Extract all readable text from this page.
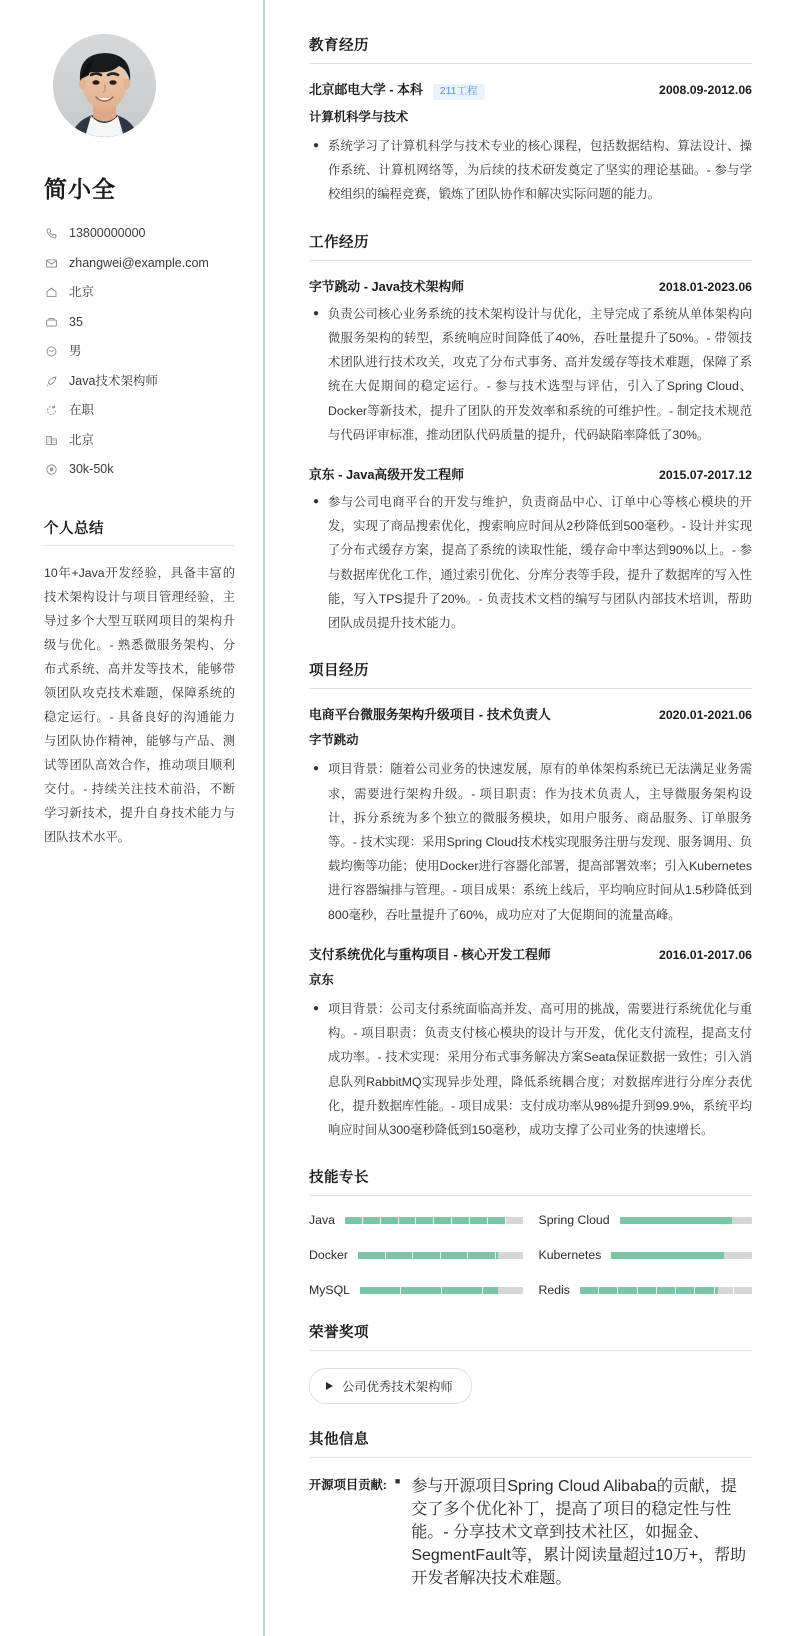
简小全
13800000000
zhangwei@example.com
北京
35
男
Java技术架构师
在职
北京
30k-50k
个人总结
10年+Java开发经验，具备丰富的技术架构设计与项目管理经验，主导过多个大型互联网项目的架构升级与优化。- 熟悉微服务架构、分布式系统、高并发等技术，能够带领团队攻克技术难题，保障系统的稳定运行。- 具备良好的沟通能力与团队协作精神，能够与产品、测试等团队高效合作，推动项目顺利交付。- 持续关注技术前沿，不断学习新技术，提升自身技术能力与团队技术水平。
教育经历
北京邮电大学 - 本科	211工程	2008.09-2012.06
计算机科学与技术
● 系统学习了计算机科学与技术专业的核心课程，包括数据结构、算法设计、操作系统、计算机网络等，为后续的技术研发奠定了坚实的理论基础。- 参与学校组织的编程竞赛，锻炼了团队协作和解决实际问题的能力。
工作经历
字节跳动 - Java技术架构师	2018.01-2023.06
● 负责公司核心业务系统的技术架构设计与优化，主导完成了系统从单体架构向微服务架构的转型，系统响应时间降低了40%，吞吐量提升了50%。- 带领技术团队进行技术攻关，攻克了分布式事务、高并发缓存等技术难题，保障了系统在大促期间的稳定运行。- 参与技术选型与评估，引入了Spring Cloud、Docker等新技术，提升了团队的开发效率和系统的可维护性。- 制定技术规范与代码评审标准，推动团队代码质量的提升，代码缺陷率降低了30%。
京东 - Java高级开发工程师	2015.07-2017.12
● 参与公司电商平台的开发与维护，负责商品中心、订单中心等核心模块的开发，实现了商品搜索优化，搜索响应时间从2秒降低到500毫秒。- 设计并实现了分布式缓存方案，提高了系统的读取性能，缓存命中率达到90%以上。- 参与数据库优化工作，通过索引优化、分库分表等手段，提升了数据库的写入性能，写入TPS提升了20%。- 负责技术文档的编写与团队内部技术培训，帮助团队成员提升技术能力。
项目经历
电商平台微服务架构升级项目 - 技术负责人	2020.01-2021.06
字节跳动
● 项目背景：随着公司业务的快速发展，原有的单体架构系统已无法满足业务需求，需要进行架构升级。- 项目职责：作为技术负责人，主导微服务架构设计，拆分系统为多个独立的微服务模块，如用户服务、商品服务、订单服务等。- 技术实现：采用Spring Cloud技术栈实现服务注册与发现、服务调用、负载均衡等功能；使用Docker进行容器化部署，提高部署效率；引入Kubernetes进行容器编排与管理。- 项目成果：系统上线后，平均响应时间从1.5秒降低到800毫秒，吞吐量提升了60%，成功应对了大促期间的流量高峰。
支付系统优化与重构项目 - 核心开发工程师	2016.01-2017.06
京东
● 项目背景：公司支付系统面临高并发、高可用的挑战，需要进行系统优化与重构。- 项目职责：负责支付核心模块的设计与开发，优化支付流程，提高支付成功率。- 技术实现：采用分布式事务解决方案Seata保证数据一致性；引入消息队列RabbitMQ实现异步处理，降低系统耦合度；对数据库进行分库分表优化，提升数据库性能。- 项目成果：支付成功率从98%提升到99.9%，系统平均响应时间从300毫秒降低到150毫秒，成功支撑了公司业务的快速增长。
技能专长
Java	Spring Cloud
Docker	Kubernetes
MySQL	Redis
荣誉奖项
公司优秀技术架构师
其他信息
开源项目贡献: ■ 参与开源项目Spring Cloud Alibaba的贡献，提交了多个优化补丁，提高了项目的稳定性与性能。- 分享技术文章到技术社区，如掘金、SegmentFault等，累计阅读量超过10万+，帮助开发者解决技术难题。
